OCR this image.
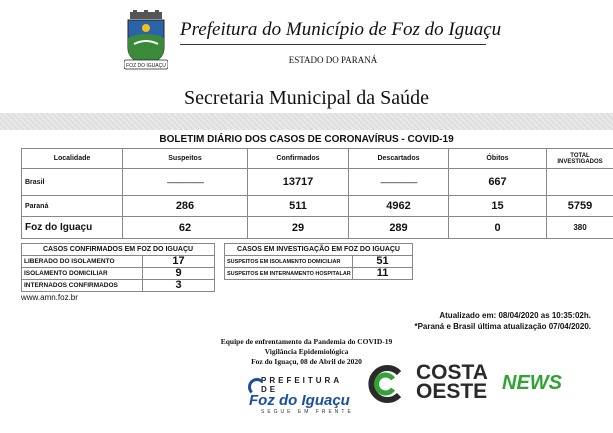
FOZ DO IGUAÇU
Prefeitura do Município de Foz do Iguaçu
ESTADO DO PARANÁ
Secretaria Municipal da Saúde
BOLETIM DIÁRIO DOS CASOS DE CORONAVÍRUS - COVID-19
Localidade	Suspeitos	Confirmados	Descartados	Óbitos	TOTAL INVESTIGADOS
Brasil	----------------------	13717	----------------------	667	
Paraná	286	511	4962	15	5759
Foz do Iguaçu	62	29	289	0	380
CASOS CONFIRMADOS EM FOZ DO IGUAÇU	
LIBERADO DO ISOLAMENTO	17
ISOLAMENTO DOMICILIAR	9
INTERNADOS CONFIRMADOS	3
CASOS EM INVESTIGAÇÃO EM FOZ DO IGUAÇU	
SUSPEITOS EM ISOLAMENTO DOMICILIAR	51
SUSPEITOS EM INTERNAMENTO HOSPITALAR	11
www.amn.foz.br
Atualizado em: 08/04/2020 as 10:35:02h.
*Paraná e Brasil última atualização 07/04/2020.
Equipe de enfrentamento da Pandemia do COVID-19
Vigilância Epidemiológica
Foz do Iguaçu, 08 de Abril de 2020
PREFEITURA DE
Foz do Iguaçu
SEGUE EM FRENTE
COSTA
OESTE NEWS
